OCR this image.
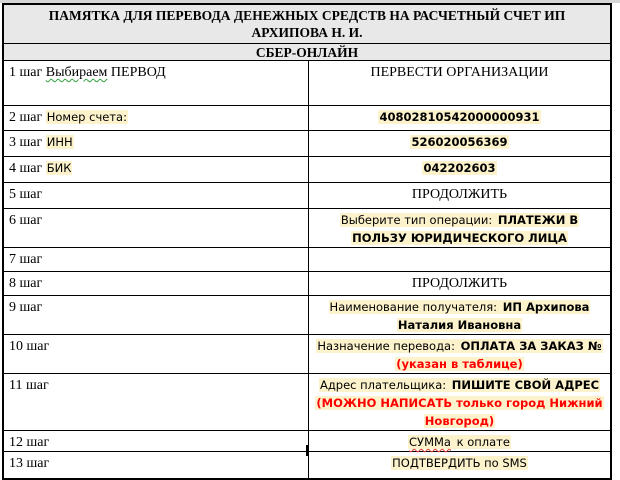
ПАМЯТКА ДЛЯ ПЕРЕВОДА ДЕНЕЖНЫХ СРЕДСТВ НА РАСЧЕТНЫЙ СЧЕТ ИП АРХИПОВА Н. И.
СБЕР-ОНЛАЙН
1 шаг Выбираем ПЕРВОД	ПЕРВЕСТИ ОРГАНИЗАЦИИ
2 шаг Номер счета:	40802810542000000931
3 шаг ИНН	526020056369
4 шаг БИК	042202603
5 шаг	ПРОДОЛЖИТЬ
6 шаг	Выберите тип операции: ПЛАТЕЖИ В ПОЛЬЗУ ЮРИДИЧЕСКОГО ЛИЦА
7 шаг
8 шаг	ПРОДОЛЖИТЬ
9 шаг	Наименование получателя: ИП Архипова Наталия Ивановна
10 шаг	Назначение перевода: ОПЛАТА ЗА ЗАКАЗ №
(указан в таблице)
11 шаг	Адрес плательщика: ПИШИТЕ СВОЙ АДРЕС
(МОЖНО НАПИСАТЬ только город Нижний Новгород)
12 шаг	СУММа к оплате
13 шаг	ПОДТВЕРДИТЬ по SMS
